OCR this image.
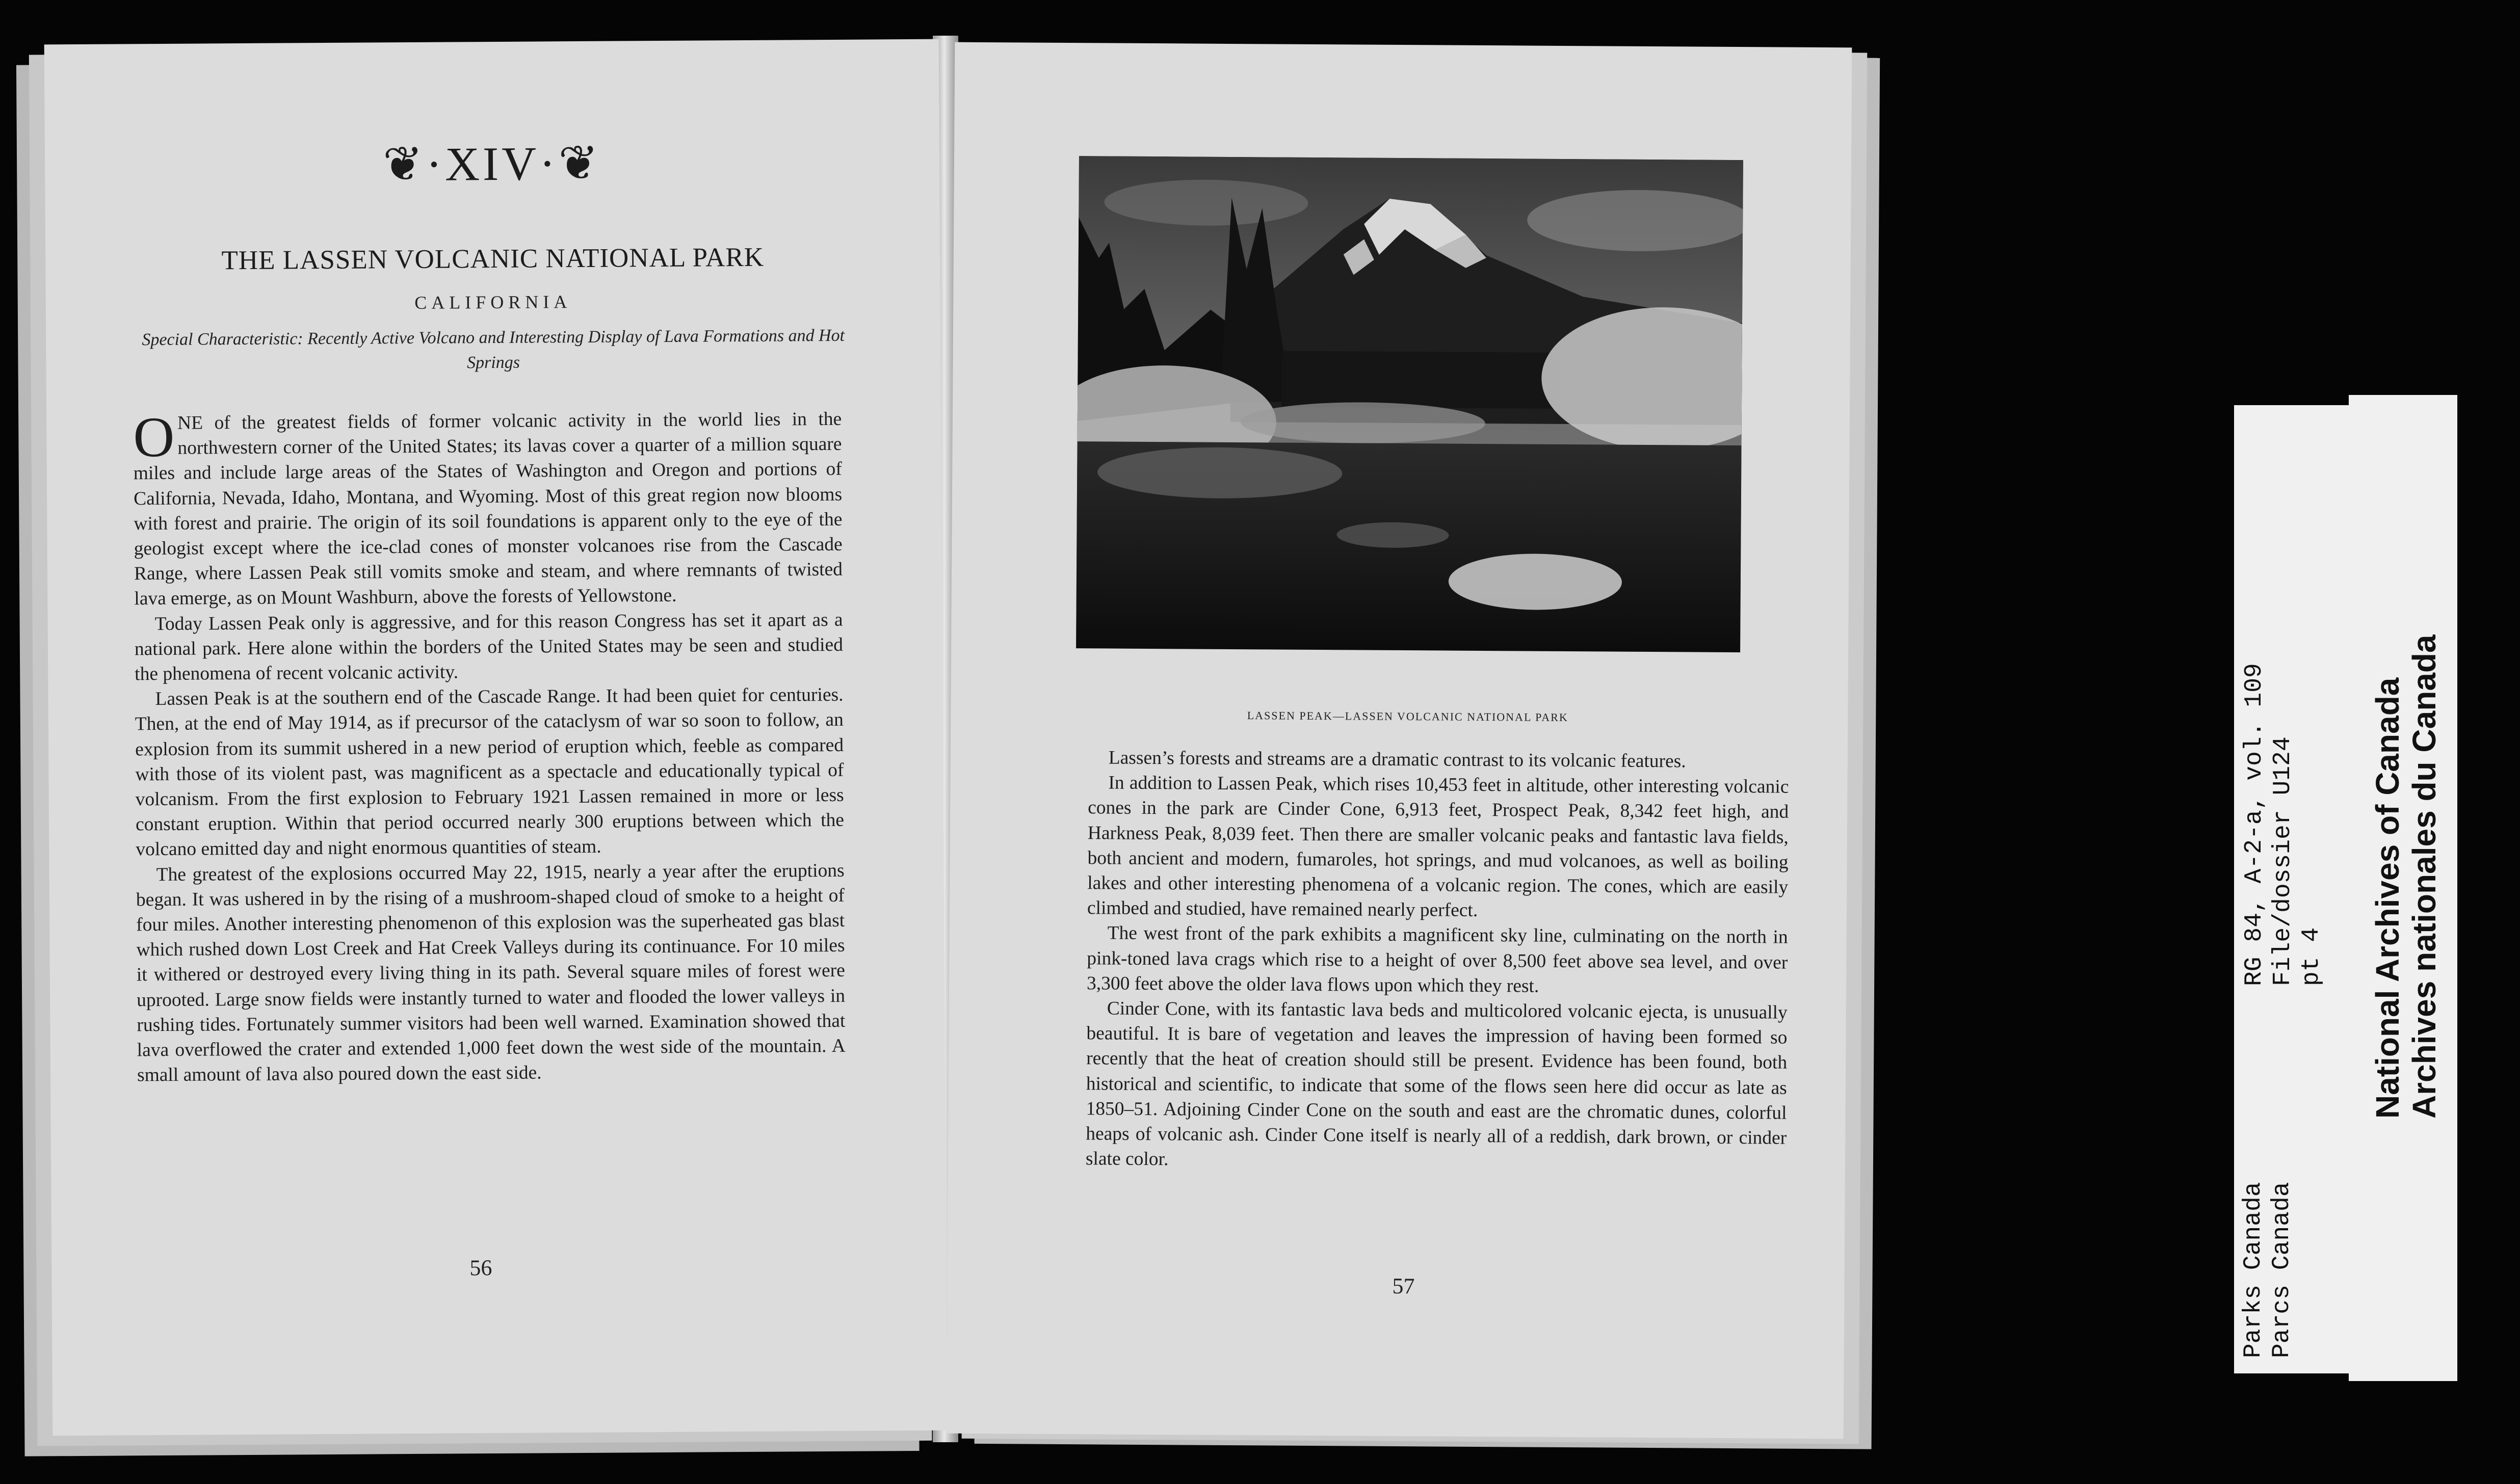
❦·XIV·❦
THE LASSEN VOLCANIC NATIONAL PARK
CALIFORNIA
Special Characteristic: Recently Active Volcano and Interesting Display of Lava Formations and Hot Springs

ONE of the greatest fields of former volcanic activity in the world lies in the northwestern corner of the United States; its lavas cover a quarter of a million square miles and include large areas of the States of Washington and Oregon and portions of California, Nevada, Idaho, Montana, and Wyoming. Most of this great region now blooms with forest and prairie. The origin of its soil foundations is apparent only to the eye of the geologist except where the ice-clad cones of monster volcanoes rise from the Cascade Range, where Lassen Peak still vomits smoke and steam, and where remnants of twisted lava emerge, as on Mount Washburn, above the forests of Yellowstone.

Today Lassen Peak only is aggressive, and for this reason Congress has set it apart as a national park. Here alone within the borders of the United States may be seen and studied the phenomena of recent volcanic activity.

Lassen Peak is at the southern end of the Cascade Range. It had been quiet for centuries. Then, at the end of May 1914, as if precursor of the cataclysm of war so soon to follow, an explosion from its summit ushered in a new period of eruption which, feeble as compared with those of its violent past, was magnificent as a spectacle and educationally typical of volcanism. From the first explosion to February 1921 Lassen remained in more or less constant eruption. Within that period occurred nearly 300 eruptions between which the volcano emitted day and night enormous quantities of steam.

The greatest of the explosions occurred May 22, 1915, nearly a year after the eruptions began. It was ushered in by the rising of a mushroom-shaped cloud of smoke to a height of four miles. Another interesting phenomenon of this explosion was the superheated gas blast which rushed down Lost Creek and Hat Creek Valleys during its continuance. For 10 miles it withered or destroyed every living thing in its path. Several square miles of forest were uprooted. Large snow fields were instantly turned to water and flooded the lower valleys in rushing tides. Fortunately summer visitors had been well warned. Examination showed that lava overflowed the crater and extended 1,000 feet down the west side of the mountain. A small amount of lava also poured down the east side.

56
LASSEN PEAK—LASSEN VOLCANIC NATIONAL PARK

Lassen’s forests and streams are a dramatic contrast to its volcanic features.

In addition to Lassen Peak, which rises 10,453 feet in altitude, other interesting volcanic cones in the park are Cinder Cone, 6,913 feet, Prospect Peak, 8,342 feet high, and Harkness Peak, 8,039 feet. Then there are smaller volcanic peaks and fantastic lava fields, both ancient and modern, fumaroles, hot springs, and mud volcanoes, as well as boiling lakes and other interesting phenomena of a volcanic region. The cones, which are easily climbed and studied, have remained nearly perfect.

The west front of the park exhibits a magnificent sky line, culminating on the north in pink-toned lava crags which rise to a height of over 8,500 feet above sea level, and over 3,300 feet above the older lava flows upon which they rest.

Cinder Cone, with its fantastic lava beds and multicolored volcanic ejecta, is unusually beautiful. It is bare of vegetation and leaves the impression of having been formed so recently that the heat of creation should still be present. Evidence has been found, both historical and scientific, to indicate that some of the flows seen here did occur as late as 1850–51. Adjoining Cinder Cone on the south and east are the chromatic dunes, colorful heaps of volcanic ash. Cinder Cone itself is nearly all of a reddish, dark brown, or cinder slate color.

57	Parks Canada Parcs Canada
RG 84, A-2-a, vol. 109 File/dossier U124 pt 4 National Archives of Canada Archives nationales du Canada
